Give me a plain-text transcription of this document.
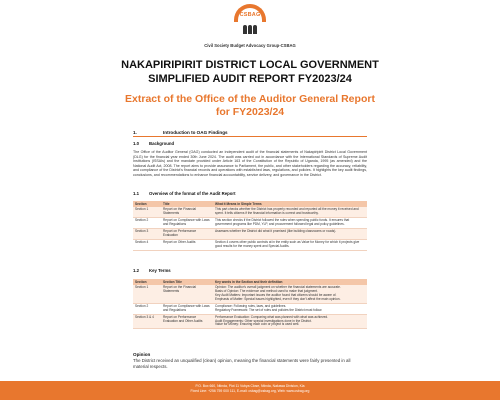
CSBAG
Civil Society Budget Advocacy Group-CSBAG
NAKAPIRIPIRIT DISTRICT LOCAL GOVERNMENT
SIMPLIFIED AUDIT REPORT FY2023/24
Extract of the Office of the Auditor General Report
for FY2023/24
1.	Introduction to OAG Findings
1.0 Background
The Office of the Auditor General (OAG) conducted an independent audit of the financial statements of Nakapiripirit District Local Government (DLG) for the financial year ended 30th June 2024. The audit was carried out in accordance with the International Standards of Supreme Audit Institutions (ISSAIs) and the mandate provided under Article 163 of the Constitution of the Republic of Uganda, 1995 (as amended) and the National Audit Act, 2008. The report aims to provide assurance to Parliament, the public, and other stakeholders regarding the accuracy, reliability, and compliance of the District's financial records and operations with established laws, regulations, and policies. It highlights the key audit findings, conclusions, and recommendations to enhance financial accountability, service delivery, and governance in the District.
1.1 Overview of the format of the Audit Report
Section	Title	What it Means in Simple Terms
Section 1	Report on the Financial Statements	This part checks whether the District has properly recorded and reported all the money it received and spent. It tells citizens if the financial information is correct and trustworthy.
Section 2	Report on Compliance with Laws and Regulations	This section checks if the District followed the rules when spending public funds. It ensures that government programs like PDM, YLP, and procurement followed legal and policy guidelines.
Section 3	Report on Performance Evaluation	Assesses whether the District did what it promised (like building classrooms or roads).
Section 4	Report on Other Audits	Section 4 covers other public controls at in the entity such as Value for Money for which it projects give good results for the money spent and Special Audits.
1.2 Key Terms
Section	Section Title	Key words in the Section and their definition
Section 1	Report on the Financial Statements	Opinion: The auditor's overall judgment on whether the financial statements are accurate.
Basis of Opinion: The evidence and method used to make that judgment.
Key Audit Matters: Important issues the auditor found that citizens should be aware of.
Emphasis of Matter: Special issues highlighted, even if they don't affect the main opinion.

Section 2	Report on Compliance with Laws and Regulations	Compliance: Following rules, laws, and guidelines.
Regulatory Framework: The set of rules and policies the District must follow.

Section 3 & 4	Report on Performance Evaluation and Other Audits	Performance Evaluation: Comparing what was planned with what was achieved.
Audit Engagements: Other special investigations done in the District.
Value for Money: Ensuring each coin or project is used well.
Opinion
The District received an unqualified (clean) opinion, meaning the financial statements were fairly presented in all material respects.
P.O. Box 660, Ntinda, Plot 11 Vubya Close, Ntinda, Nakawa Division, Kla
Fixed Line: +256 759 000 111, E-mail: csbag@csbag.org, Web: www.csbag.org
